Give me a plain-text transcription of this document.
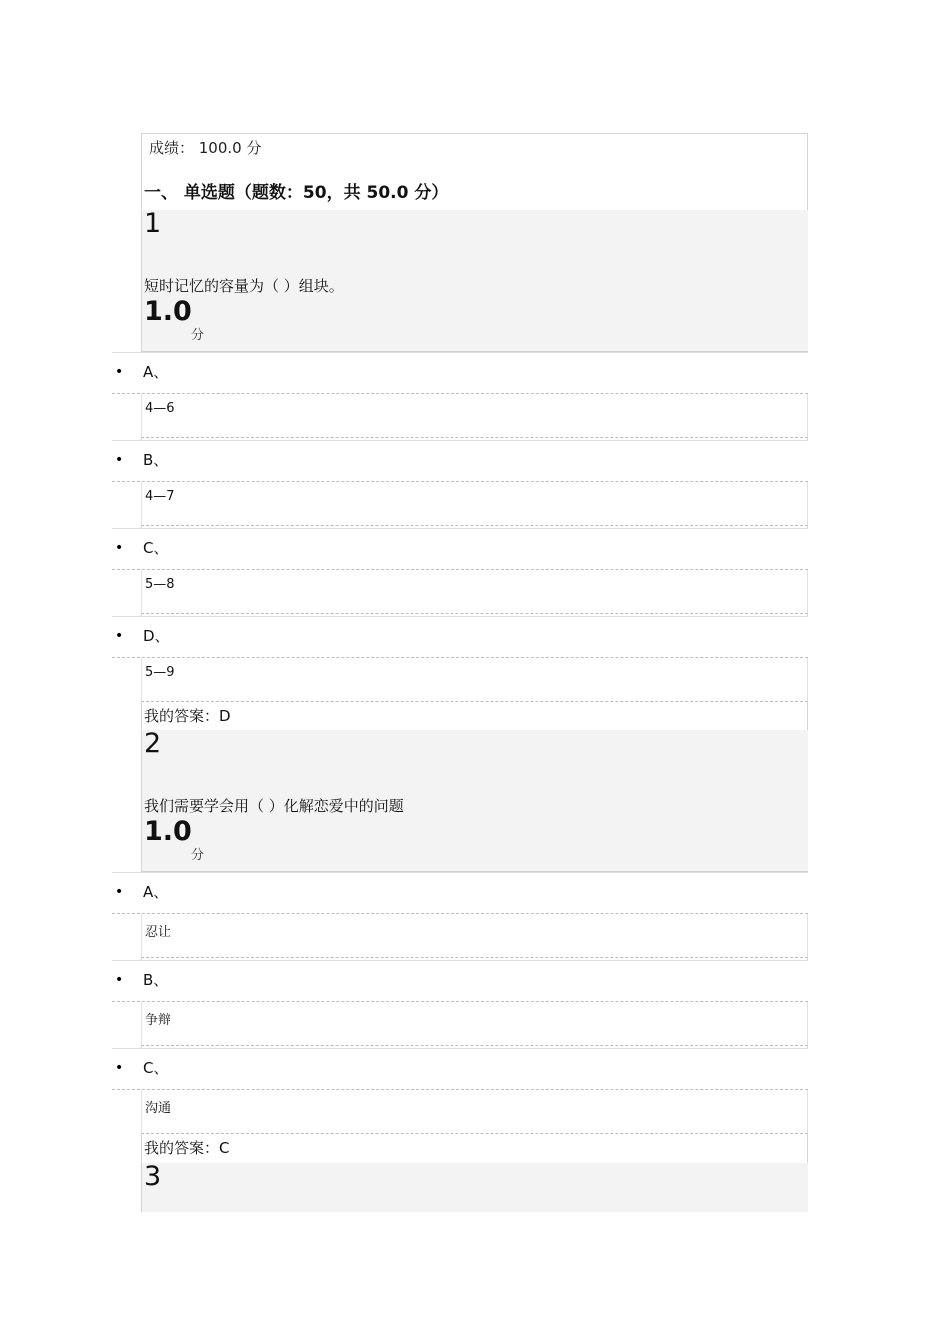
成绩： 100.0 分
一、 单选题（题数：50，共 50.0 分）
1
短时记忆的容量为（ ）组块。
1.0
分
• A、
4—6
• B、
4—7
• C、
5—8
• D、
5—9
我的答案：D
2
我们需要学会用（ ）化解恋爱中的问题
1.0
分
• A、
忍让
• B、
争辩
• C、
沟通
我的答案：C
3
